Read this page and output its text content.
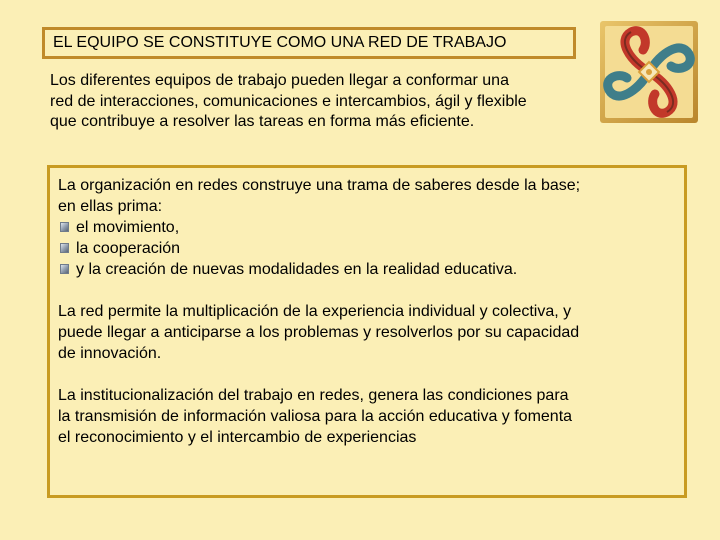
EL EQUIPO SE CONSTITUYE COMO UNA RED DE TRABAJO
Los diferentes equipos de trabajo pueden llegar a conformar una
red de interacciones, comunicaciones e intercambios, ágil y flexible
que contribuye a resolver las tareas en forma más eficiente.

La organización en redes construye una trama de saberes desde la base;
en ellas prima:

el movimiento,
la cooperación
y la creación de nuevas modalidades en la realidad educativa.

La red permite la multiplicación de la experiencia individual y colectiva, y
puede llegar a anticiparse a los problemas y resolverlos por su capacidad
de innovación.

La institucionalización del trabajo en redes, genera las condiciones para
la transmisión de información valiosa para la acción educativa y fomenta
el reconocimiento y el intercambio de experiencias
